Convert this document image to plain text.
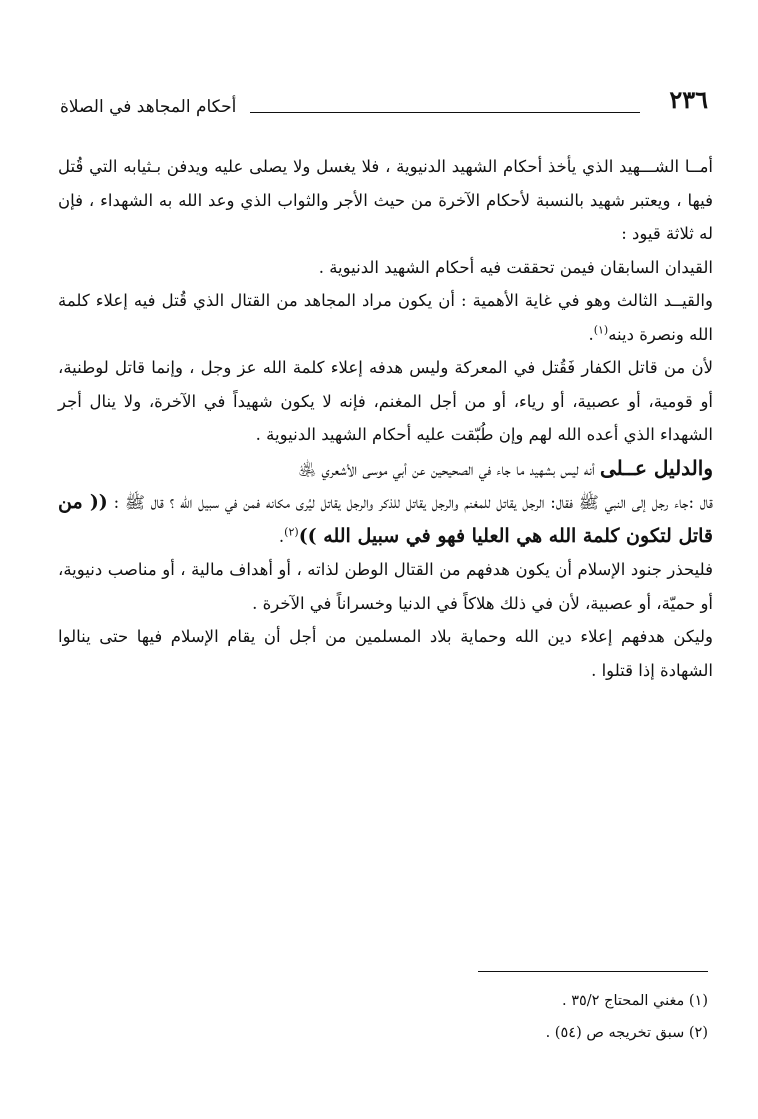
٢٣٦
أحكام المجاهد في الصلاة

أمــا الشـــهيد الذي يأخذ أحكام الشهيد الدنيوية ، فلا يغسل ولا يصلى عليه ويدفن بـثيابه التي قُتل فيها ، ويعتبر شهيد بالنسبة لأحكام الآخرة من حيث الأجر والثواب الذي وعد الله به الشهداء ، فإن له ثلاثة قيود :

القيدان السابقان فيمن تحققت فيه أحكام الشهيد الدنيوية .

والقيــد الثالث وهو في غاية الأهمية : أن يكون مراد المجاهد من القتال الذي قُتل فيه إعلاء كلمة الله ونصرة دينه$^{(١)}$.

لأن من قاتل الكفار فَقُتل في المعركة وليس هدفه إعلاء كلمة الله عز وجل ، وإنما قاتل لوطنية، أو قومية، أو عصبية، أو رياء، أو من أجل المغنم، فإنه لا يكون شهيداً في الآخرة، ولا ينال أجر الشهداء الذي أعده الله لهم وإن طُبّقت عليه أحكام الشهيد الدنيوية .

والدليل عــلى أنه ليس بشهيد ما جاء في الصحيحين عن أبي موسى الأشعري ﵁

قال :جاء رجل إلى النبي ﷺ فقال: الرجل يقاتل للمغنم والرجل يقاتل للذكر والرجل يقاتل ليُرى مكانه فمن في سبيل الله ؟ قال ﷺ : (( من قاتل لتكون كلمة الله هي العليا فهو في سبيل الله ))$^{(٢)}$.

فليحذر جنود الإسلام أن يكون هدفهم من القتال الوطن لذاته ، أو أهداف مالية ، أو مناصب دنيوية، أو حميّة، أو عصبية، لأن في ذلك هلاكاً في الدنيا وخسراناً في الآخرة .

وليكن هدفهم إعلاء دين الله وحماية بلاد المسلمين من أجل أن يقام الإسلام فيها حتى ينالوا الشهادة إذا قتلوا .

(١) مغني المحتاج ٣٥/٢ .

(٢) سبق تخريجه ص (٥٤) .
